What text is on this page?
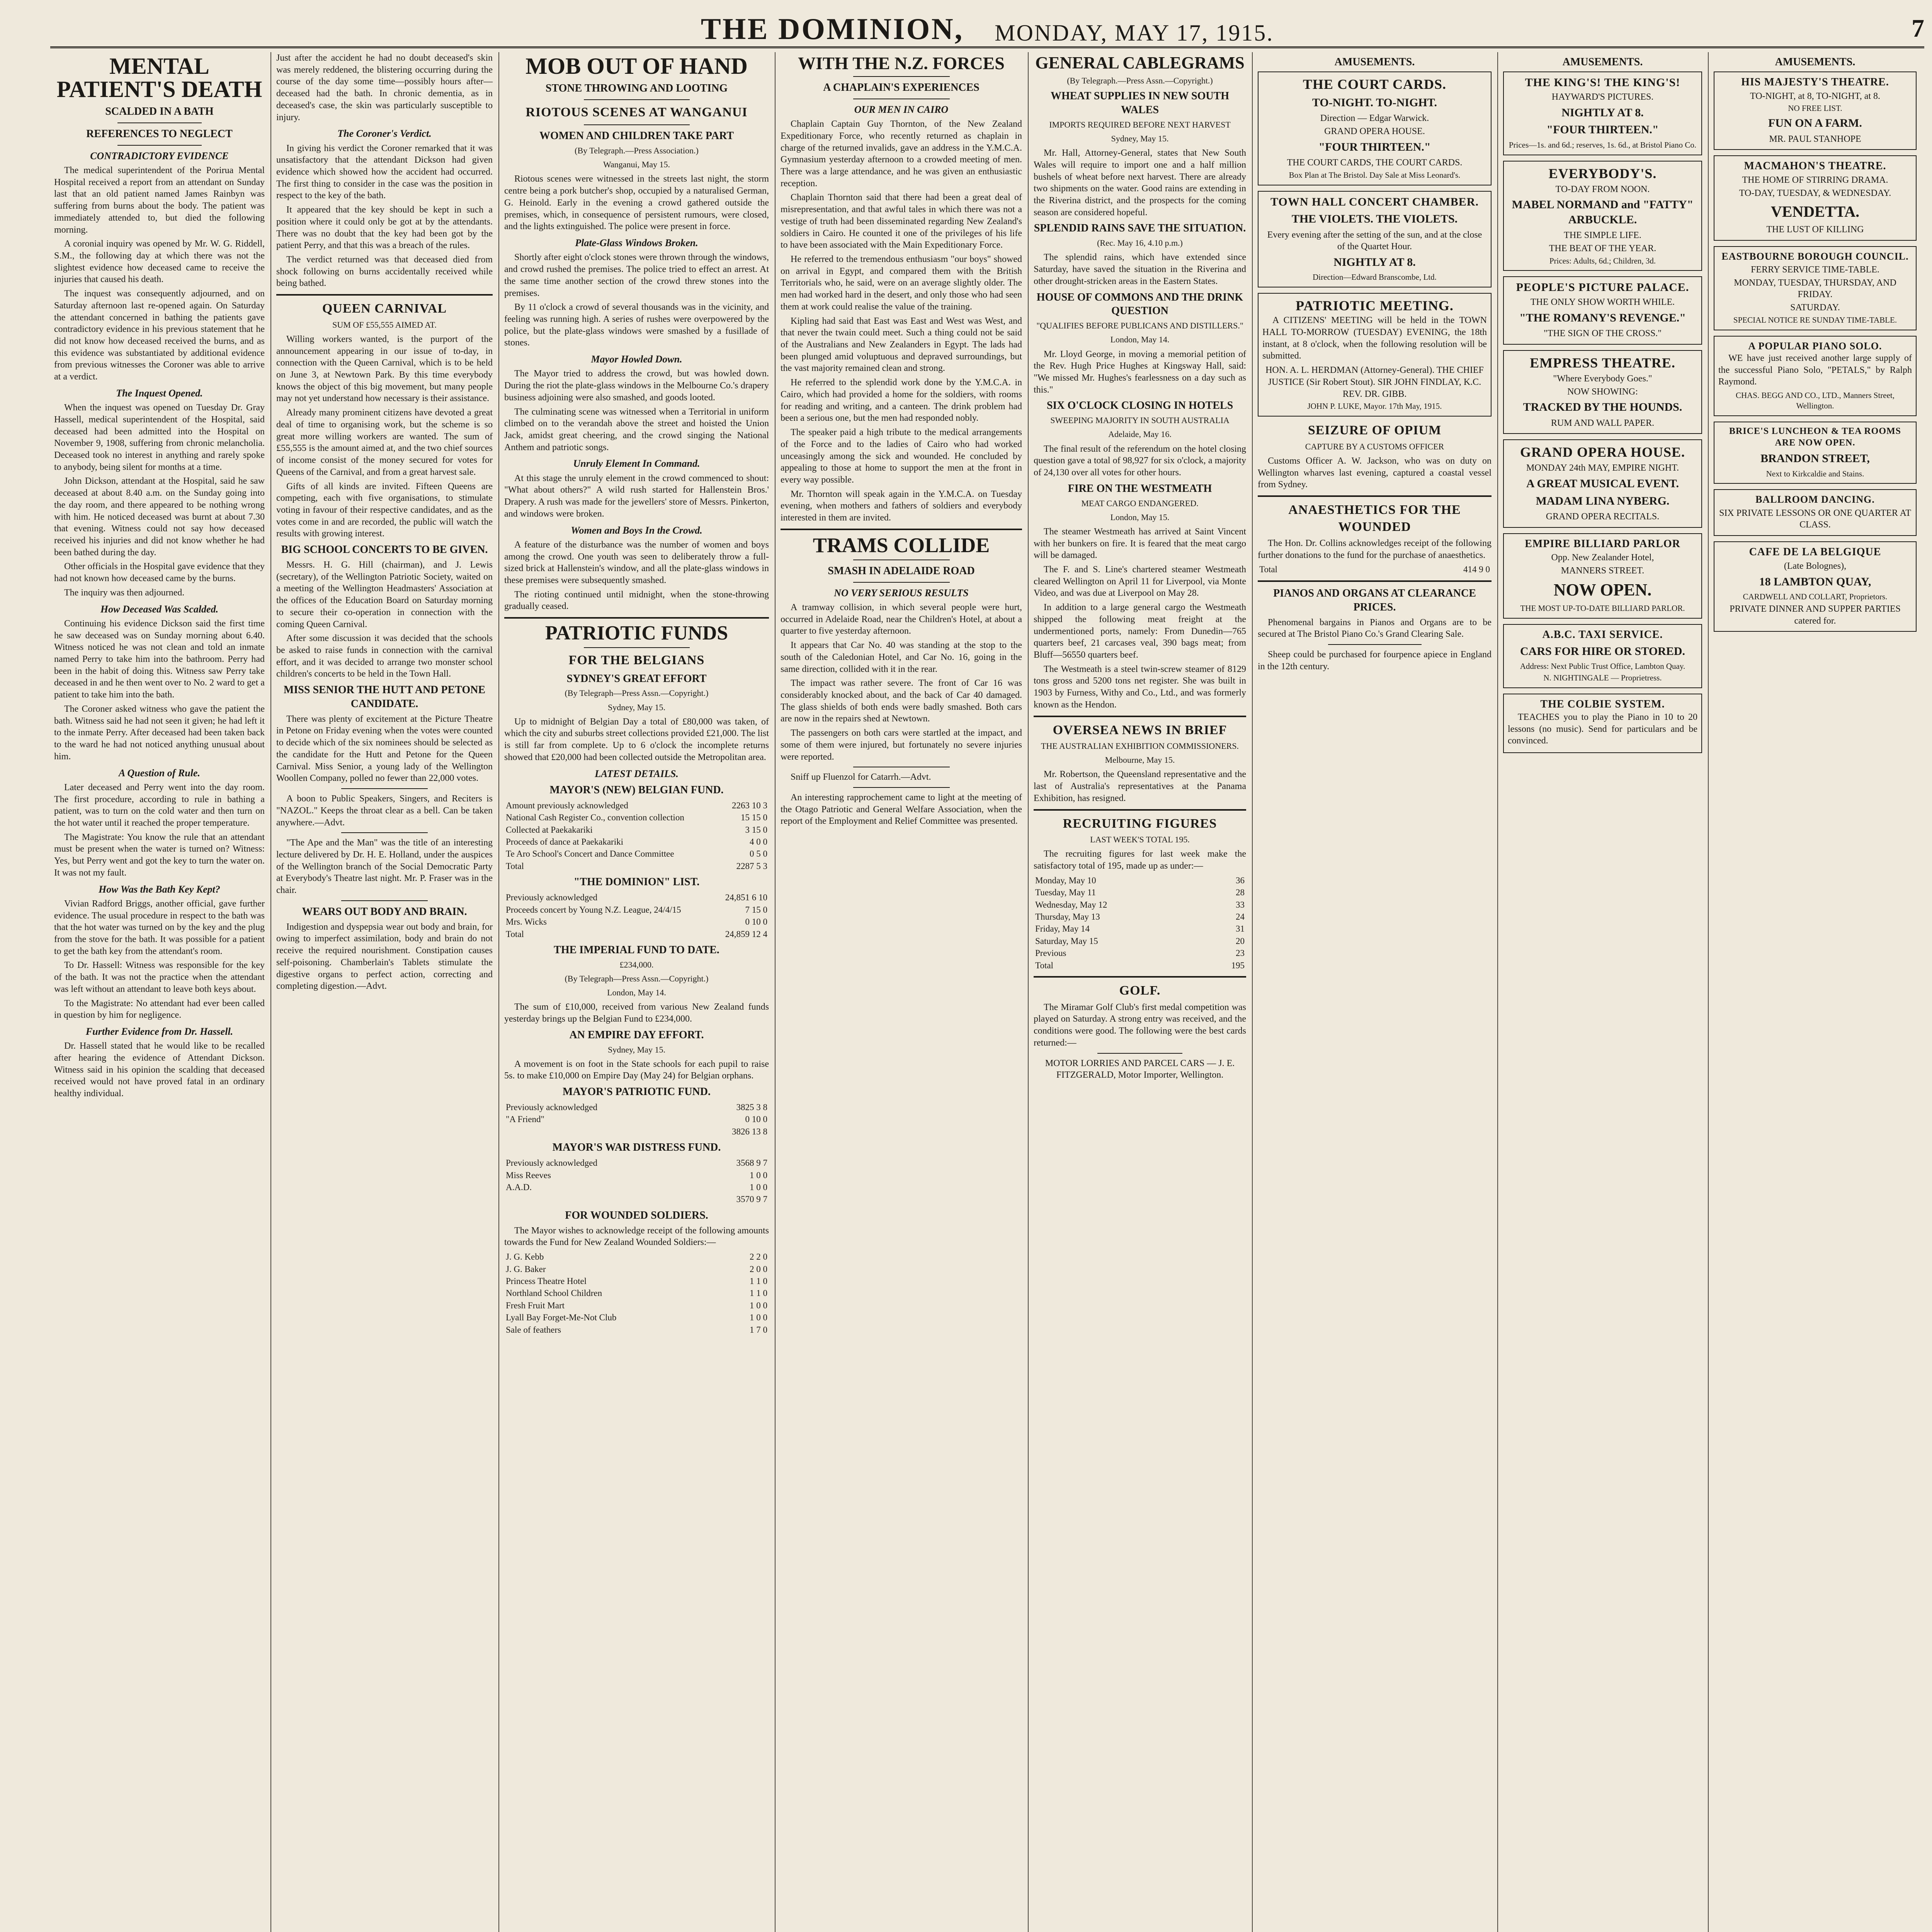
THE DOMINION, MONDAY, MAY 17, 1915.	7
MENTAL PATIENT'S DEATH
SCALDED IN A BATH
REFERENCES TO NEGLECT
CONTRADICTORY EVIDENCE

The medical superintendent of the Porirua Mental Hospital received a report from an attendant on Sunday last that an old patient named James Rainbyn was suffering from burns about the body. The patient was immediately attended to, but died the following morning.

A coronial inquiry was opened by Mr. W. G. Riddell, S.M., the following day at which there was not the slightest evidence how deceased came to receive the injuries that caused his death.

The inquest was consequently adjourned, and on Saturday afternoon last re-opened again. On Saturday the attendant concerned in bathing the patients gave contradictory evidence in his previous statement that he did not know how deceased received the burns, and as this evidence was substantiated by additional evidence from previous witnesses the Coroner was able to arrive at a verdict.

The Inquest Opened.

When the inquest was opened on Tuesday Dr. Gray Hassell, medical superintendent of the Hospital, said deceased had been admitted into the Hospital on November 9, 1908, suffering from chronic melancholia. Deceased took no interest in anything and rarely spoke to anybody, being silent for months at a time.

John Dickson, attendant at the Hospital, said he saw deceased at about 8.40 a.m. on the Sunday going into the day room, and there appeared to be nothing wrong with him. He noticed deceased was burnt at about 7.30 that evening. Witness could not say how deceased received his injuries and did not know whether he had been bathed during the day.

Other officials in the Hospital gave evidence that they had not known how deceased came by the burns.

The inquiry was then adjourned.

How Deceased Was Scalded.

Continuing his evidence Dickson said the first time he saw deceased was on Sunday morning about 6.40. Witness noticed he was not clean and told an inmate named Perry to take him into the bathroom. Perry had been in the habit of doing this. Witness saw Perry take deceased in and he then went over to No. 2 ward to get a patient to take him into the bath.

The Coroner asked witness who gave the patient the bath. Witness said he had not seen it given; he had left it to the inmate Perry. After deceased had been taken back to the ward he had not noticed anything unusual about him.

A Question of Rule.

Later deceased and Perry went into the day room. The first procedure, according to rule in bathing a patient, was to turn on the cold water and then turn on the hot water until it reached the proper temperature.

The Magistrate: You know the rule that an attendant must be present when the water is turned on? Witness: Yes, but Perry went and got the key to turn the water on. It was not my fault.

How Was the Bath Key Kept?

Vivian Radford Briggs, another official, gave further evidence. The usual procedure in respect to the bath was that the hot water was turned on by the key and the plug from the stove for the bath. It was possible for a patient to get the bath key from the attendant's room.

To Dr. Hassell: Witness was responsible for the key of the bath. It was not the practice when the attendant was left without an attendant to leave both keys about.

To the Magistrate: No attendant had ever been called in question by him for negligence.

Further Evidence from Dr. Hassell.

Dr. Hassell stated that he would like to be recalled after hearing the evidence of Attendant Dickson. Witness said in his opinion the scalding that deceased received would not have proved fatal in an ordinary healthy individual.

Just after the accident he had no doubt deceased's skin was merely reddened, the blistering occurring during the course of the day some time—possibly hours after—deceased had the bath. In chronic dementia, as in deceased's case, the skin was particularly susceptible to injury.

The Coroner's Verdict.

In giving his verdict the Coroner remarked that it was unsatisfactory that the attendant Dickson had given evidence which showed how the accident had occurred. The first thing to consider in the case was the position in respect to the key of the bath.

It appeared that the key should be kept in such a position where it could only be got at by the attendants. There was no doubt that the key had been got by the patient Perry, and that this was a breach of the rules.

The verdict returned was that deceased died from shock following on burns accidentally received while being bathed.

QUEEN CARNIVAL
SUM OF £55,555 AIMED AT.

Willing workers wanted, is the purport of the announcement appearing in our issue of to-day, in connection with the Queen Carnival, which is to be held on June 3, at Newtown Park. By this time everybody knows the object of this big movement, but many people may not yet understand how necessary is their assistance.

Already many prominent citizens have devoted a great deal of time to organising work, but the scheme is so great more willing workers are wanted. The sum of £55,555 is the amount aimed at, and the two chief sources of income consist of the money secured for votes for Queens of the Carnival, and from a great harvest sale.

Gifts of all kinds are invited. Fifteen Queens are competing, each with five organisations, to stimulate voting in favour of their respective candidates, and as the votes come in and are recorded, the public will watch the results with growing interest.

BIG SCHOOL CONCERTS TO BE GIVEN.

Messrs. H. G. Hill (chairman), and J. Lewis (secretary), of the Wellington Patriotic Society, waited on a meeting of the Wellington Headmasters' Association at the offices of the Education Board on Saturday morning to secure their co-operation in connection with the coming Queen Carnival.

After some discussion it was decided that the schools be asked to raise funds in connection with the carnival effort, and it was decided to arrange two monster school children's concerts to be held in the Town Hall.

MISS SENIOR THE HUTT AND PETONE CANDIDATE.

There was plenty of excitement at the Picture Theatre in Petone on Friday evening when the votes were counted to decide which of the six nominees should be selected as the candidate for the Hutt and Petone for the Queen Carnival. Miss Senior, a young lady of the Wellington Woollen Company, polled no fewer than 22,000 votes.

A boon to Public Speakers, Singers, and Reciters is "NAZOL." Keeps the throat clear as a bell. Can be taken anywhere.—Advt.

"The Ape and the Man" was the title of an interesting lecture delivered by Dr. H. E. Holland, under the auspices of the Wellington branch of the Social Democratic Party at Everybody's Theatre last night. Mr. P. Fraser was in the chair.

WEARS OUT BODY AND BRAIN.

Indigestion and dyspepsia wear out body and brain, for owing to imperfect assimilation, body and brain do not receive the required nourishment. Constipation causes self-poisoning. Chamberlain's Tablets stimulate the digestive organs to perfect action, correcting and completing digestion.—Advt.

MOB OUT OF HAND
STONE THROWING AND LOOTING
RIOTOUS SCENES AT WANGANUI
WOMEN AND CHILDREN TAKE PART
(By Telegraph.—Press Association.)
Wanganui, May 15.

Riotous scenes were witnessed in the streets last night, the storm centre being a pork butcher's shop, occupied by a naturalised German, G. Heinold. Early in the evening a crowd gathered outside the premises, which, in consequence of persistent rumours, were closed, and the lights extinguished. The police were present in force.

Plate-Glass Windows Broken.

Shortly after eight o'clock stones were thrown through the windows, and crowd rushed the premises. The police tried to effect an arrest. At the same time another section of the crowd threw stones into the premises.

By 11 o'clock a crowd of several thousands was in the vicinity, and feeling was running high. A series of rushes were overpowered by the police, but the plate-glass windows were smashed by a fusillade of stones.

Mayor Howled Down.

The Mayor tried to address the crowd, but was howled down. During the riot the plate-glass windows in the Melbourne Co.'s drapery business adjoining were also smashed, and goods looted.

The culminating scene was witnessed when a Territorial in uniform climbed on to the verandah above the street and hoisted the Union Jack, amidst great cheering, and the crowd singing the National Anthem and patriotic songs.

Unruly Element In Command.

At this stage the unruly element in the crowd commenced to shout: "What about others?" A wild rush started for Hallenstein Bros.' Drapery. A rush was made for the jewellers' store of Messrs. Pinkerton, and windows were broken.

Women and Boys In the Crowd.

A feature of the disturbance was the number of women and boys among the crowd. One youth was seen to deliberately throw a full-sized brick at Hallenstein's window, and all the plate-glass windows in these premises were subsequently smashed.

The rioting continued until midnight, when the stone-throwing gradually ceased.

PATRIOTIC FUNDS
FOR THE BELGIANS
SYDNEY'S GREAT EFFORT
(By Telegraph—Press Assn.—Copyright.)
Sydney, May 15.

Up to midnight of Belgian Day a total of £80,000 was taken, of which the city and suburbs street collections provided £21,000. The list is still far from complete. Up to 6 o'clock the incomplete returns showed that £20,000 had been collected outside the Metropolitan area.

LATEST DETAILS.
MAYOR'S (NEW) BELGIAN FUND.
Amount previously acknowledged	2263 10 3
National Cash Register Co., convention collection	15 15 0
Collected at Paekakariki	3 15 0
Proceeds of dance at Paekakariki	4 0 0
Te Aro School's Concert and Dance Committee	0 5 0
Total	2287 5 3
"THE DOMINION" LIST.
Previously acknowledged	24,851 6 10
Proceeds concert by Young N.Z. League, 24/4/15	7 15 0
Mrs. Wicks	0 10 0
Total	24,859 12 4
THE IMPERIAL FUND TO DATE.
£234,000.
(By Telegraph—Press Assn.—Copyright.)
London, May 14.

The sum of £10,000, received from various New Zealand funds yesterday brings up the Belgian Fund to £234,000.

AN EMPIRE DAY EFFORT.
Sydney, May 15.

A movement is on foot in the State schools for each pupil to raise 5s. to make £10,000 on Empire Day (May 24) for Belgian orphans.

MAYOR'S PATRIOTIC FUND.
Previously acknowledged	3825 3 8
"A Friend"	0 10 0
	3826 13 8
MAYOR'S WAR DISTRESS FUND.
Previously acknowledged	3568 9 7
Miss Reeves	1 0 0
A.A.D.	1 0 0
	3570 9 7
FOR WOUNDED SOLDIERS.

The Mayor wishes to acknowledge receipt of the following amounts towards the Fund for New Zealand Wounded Soldiers:—

J. G. Kebb	2 2 0
J. G. Baker	2 0 0
Princess Theatre Hotel	1 1 0
Northland School Children	1 1 0
Fresh Fruit Mart	1 0 0
Lyall Bay Forget-Me-Not Club	1 0 0
Sale of feathers	1 7 0
WITH THE N.Z. FORCES
A CHAPLAIN'S EXPERIENCES
OUR MEN IN CAIRO

Chaplain Captain Guy Thornton, of the New Zealand Expeditionary Force, who recently returned as chaplain in charge of the returned invalids, gave an address in the Y.M.C.A. Gymnasium yesterday afternoon to a crowded meeting of men. There was a large attendance, and he was given an enthusiastic reception.

Chaplain Thornton said that there had been a great deal of misrepresentation, and that awful tales in which there was not a vestige of truth had been disseminated regarding New Zealand's soldiers in Cairo. He counted it one of the privileges of his life to have been associated with the Main Expeditionary Force.

He referred to the tremendous enthusiasm "our boys" showed on arrival in Egypt, and compared them with the British Territorials who, he said, were on an average slightly older. The men had worked hard in the desert, and only those who had seen them at work could realise the value of the training.

Kipling had said that East was East and West was West, and that never the twain could meet. Such a thing could not be said of the Australians and New Zealanders in Egypt. The lads had been plunged amid voluptuous and depraved surroundings, but the vast majority remained clean and strong.

He referred to the splendid work done by the Y.M.C.A. in Cairo, which had provided a home for the soldiers, with rooms for reading and writing, and a canteen. The drink problem had been a serious one, but the men had responded nobly.

The speaker paid a high tribute to the medical arrangements of the Force and to the ladies of Cairo who had worked unceasingly among the sick and wounded. He concluded by appealing to those at home to support the men at the front in every way possible.

Mr. Thornton will speak again in the Y.M.C.A. on Tuesday evening, when mothers and fathers of soldiers and everybody interested in them are invited.

TRAMS COLLIDE
SMASH IN ADELAIDE ROAD
NO VERY SERIOUS RESULTS

A tramway collision, in which several people were hurt, occurred in Adelaide Road, near the Children's Hotel, at about a quarter to five yesterday afternoon.

It appears that Car No. 40 was standing at the stop to the south of the Caledonian Hotel, and Car No. 16, going in the same direction, collided with it in the rear.

The impact was rather severe. The front of Car 16 was considerably knocked about, and the back of Car 40 damaged. The glass shields of both ends were badly smashed. Both cars are now in the repairs shed at Newtown.

The passengers on both cars were startled at the impact, and some of them were injured, but fortunately no severe injuries were reported.

Sniff up Fluenzol for Catarrh.—Advt.

An interesting rapprochement came to light at the meeting of the Otago Patriotic and General Welfare Association, when the report of the Employment and Relief Committee was presented.

GENERAL CABLEGRAMS
(By Telegraph.—Press Assn.—Copyright.)
WHEAT SUPPLIES IN NEW SOUTH WALES
IMPORTS REQUIRED BEFORE NEXT HARVEST
Sydney, May 15.

Mr. Hall, Attorney-General, states that New South Wales will require to import one and a half million bushels of wheat before next harvest. There are already two shipments on the water. Good rains are extending in the Riverina district, and the prospects for the coming season are considered hopeful.

SPLENDID RAINS SAVE THE SITUATION.
(Rec. May 16, 4.10 p.m.)

The splendid rains, which have extended since Saturday, have saved the situation in the Riverina and other drought-stricken areas in the Eastern States.

HOUSE OF COMMONS AND THE DRINK QUESTION
"QUALIFIES BEFORE PUBLICANS AND DISTILLERS."
London, May 14.

Mr. Lloyd George, in moving a memorial petition of the Rev. Hugh Price Hughes at Kingsway Hall, said: "We missed Mr. Hughes's fearlessness on a day such as this."

SIX O'CLOCK CLOSING IN HOTELS
SWEEPING MAJORITY IN SOUTH AUSTRALIA
Adelaide, May 16.

The final result of the referendum on the hotel closing question gave a total of 98,927 for six o'clock, a majority of 24,130 over all votes for other hours.

FIRE ON THE WESTMEATH
MEAT CARGO ENDANGERED.
London, May 15.

The steamer Westmeath has arrived at Saint Vincent with her bunkers on fire. It is feared that the meat cargo will be damaged.

The F. and S. Line's chartered steamer Westmeath cleared Wellington on April 11 for Liverpool, via Monte Video, and was due at Liverpool on May 28.

In addition to a large general cargo the Westmeath shipped the following meat freight at the undermentioned ports, namely: From Dunedin—765 quarters beef, 21 carcases veal, 390 bags meat; from Bluff—56550 quarters beef.

The Westmeath is a steel twin-screw steamer of 8129 tons gross and 5200 tons net register. She was built in 1903 by Furness, Withy and Co., Ltd., and was formerly known as the Hendon.

OVERSEA NEWS IN BRIEF
THE AUSTRALIAN EXHIBITION COMMISSIONERS.
Melbourne, May 15.

Mr. Robertson, the Queensland representative and the last of Australia's representatives at the Panama Exhibition, has resigned.

RECRUITING FIGURES
LAST WEEK'S TOTAL 195.

The recruiting figures for last week make the satisfactory total of 195, made up as under:—

Monday, May 10	36
Tuesday, May 11	28
Wednesday, May 12	33
Thursday, May 13	24
Friday, May 14	31
Saturday, May 15	20
Previous	23
Total	195
GOLF.

The Miramar Golf Club's first medal competition was played on Saturday. A strong entry was received, and the conditions were good. The following were the best cards returned:—

MOTOR LORRIES AND PARCEL CARS — J. E. FITZGERALD, Motor Importer, Wellington.

AMUSEMENTS.
THE COURT CARDS.
TO-NIGHT. TO-NIGHT.
Direction — Edgar Warwick.
GRAND OPERA HOUSE.
"FOUR THIRTEEN."
THE COURT CARDS, THE COURT CARDS.
Box Plan at The Bristol. Day Sale at Miss Leonard's.
TOWN HALL CONCERT CHAMBER.
THE VIOLETS. THE VIOLETS.
Every evening after the setting of the sun, and at the close of the Quartet Hour.
NIGHTLY AT 8.
Direction—Edward Branscombe, Ltd.
PATRIOTIC MEETING.

A CITIZENS' MEETING will be held in the TOWN HALL TO-MORROW (TUESDAY) EVENING, the 18th instant, at 8 o'clock, when the following resolution will be submitted.

HON. A. L. HERDMAN (Attorney-General). THE CHIEF JUSTICE (Sir Robert Stout). SIR JOHN FINDLAY, K.C. REV. DR. GIBB.
JOHN P. LUKE, Mayor. 17th May, 1915.
SEIZURE OF OPIUM
CAPTURE BY A CUSTOMS OFFICER

Customs Officer A. W. Jackson, who was on duty on Wellington wharves last evening, captured a coastal vessel from Sydney.

ANAESTHETICS FOR THE WOUNDED

The Hon. Dr. Collins acknowledges receipt of the following further donations to the fund for the purchase of anaesthetics.

Total	414 9 0
PIANOS AND ORGANS AT CLEARANCE PRICES.

Phenomenal bargains in Pianos and Organs are to be secured at The Bristol Piano Co.'s Grand Clearing Sale.

Sheep could be purchased for fourpence apiece in England in the 12th century.

AMUSEMENTS.
THE KING'S! THE KING'S!
HAYWARD'S PICTURES.
NIGHTLY AT 8.
"FOUR THIRTEEN."
Prices—1s. and 6d.; reserves, 1s. 6d., at Bristol Piano Co.
EVERYBODY'S.
TO-DAY FROM NOON.
MABEL NORMAND and "FATTY" ARBUCKLE.
THE SIMPLE LIFE.
THE BEAT OF THE YEAR.
Prices: Adults, 6d.; Children, 3d.
PEOPLE'S PICTURE PALACE.
THE ONLY SHOW WORTH WHILE.
"THE ROMANY'S REVENGE."
"THE SIGN OF THE CROSS."
EMPRESS THEATRE.
"Where Everybody Goes."
NOW SHOWING:
TRACKED BY THE HOUNDS.
RUM AND WALL PAPER.
GRAND OPERA HOUSE.
MONDAY 24th MAY, EMPIRE NIGHT.
A GREAT MUSICAL EVENT.
MADAM LINA NYBERG.
GRAND OPERA RECITALS.
EMPIRE BILLIARD PARLOR
Opp. New Zealander Hotel,
MANNERS STREET.
NOW OPEN.
THE MOST UP-TO-DATE BILLIARD PARLOR.
A.B.C. TAXI SERVICE.
CARS FOR HIRE OR STORED.
Address: Next Public Trust Office, Lambton Quay.
N. NIGHTINGALE — Proprietress.
THE COLBIE SYSTEM.

TEACHES you to play the Piano in 10 to 20 lessons (no music). Send for particulars and be convinced.

AMUSEMENTS.
HIS MAJESTY'S THEATRE.
TO-NIGHT, at 8, TO-NIGHT, at 8.
NO FREE LIST.
FUN ON A FARM.
MR. PAUL STANHOPE
MACMAHON'S THEATRE.
THE HOME OF STIRRING DRAMA.
TO-DAY, TUESDAY, & WEDNESDAY.
VENDETTA.
THE LUST OF KILLING
EASTBOURNE BOROUGH COUNCIL.
FERRY SERVICE TIME-TABLE.
MONDAY, TUESDAY, THURSDAY, AND FRIDAY.
SATURDAY.
SPECIAL NOTICE RE SUNDAY TIME-TABLE.
A POPULAR PIANO SOLO.

WE have just received another large supply of the successful Piano Solo, "PETALS," by Ralph Raymond.

CHAS. BEGG AND CO., LTD., Manners Street, Wellington.
BRICE'S LUNCHEON & TEA ROOMS ARE NOW OPEN.
BRANDON STREET,
Next to Kirkcaldie and Stains.
BALLROOM DANCING.
SIX PRIVATE LESSONS OR ONE QUARTER AT CLASS.
CAFE DE LA BELGIQUE
(Late Bolognes),
18 LAMBTON QUAY,
CARDWELL AND COLLART, Proprietors.
PRIVATE DINNER AND SUPPER PARTIES catered for.
